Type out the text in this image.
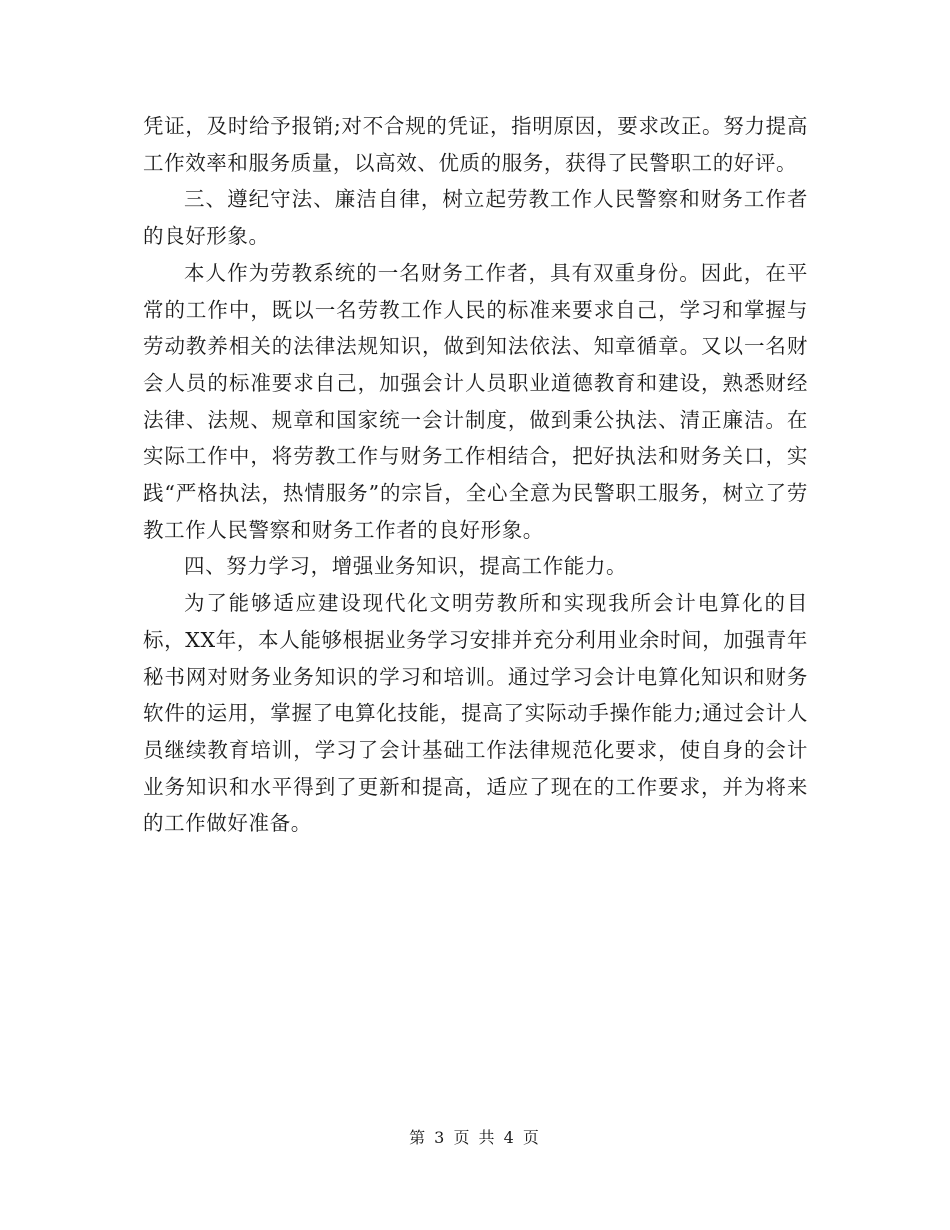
凭证，及时给予报销;对不合规的凭证，指明原因，要求改正。努力提高工作效率和服务质量，以高效、优质的服务，获得了民警职工的好评。

三、遵纪守法、廉洁自律，树立起劳教工作人民警察和财务工作者的良好形象。

本人作为劳教系统的一名财务工作者，具有双重身份。因此，在平常的工作中，既以一名劳教工作人民的标准来要求自己，学习和掌握与劳动教养相关的法律法规知识，做到知法依法、知章循章。又以一名财会人员的标准要求自己，加强会计人员职业道德教育和建设，熟悉财经法律、法规、规章和国家统一会计制度，做到秉公执法、清正廉洁。在实际工作中，将劳教工作与财务工作相结合，把好执法和财务关口，实践“严格执法，热情服务”的宗旨，全心全意为民警职工服务，树立了劳教工作人民警察和财务工作者的良好形象。

四、努力学习，增强业务知识，提高工作能力。

为了能够适应建设现代化文明劳教所和实现我所会计电算化的目标，XX年，本人能够根据业务学习安排并充分利用业余时间，加强青年秘书网对财务业务知识的学习和培训。通过学习会计电算化知识和财务软件的运用，掌握了电算化技能，提高了实际动手操作能力;通过会计人员继续教育培训，学习了会计基础工作法律规范化要求，使自身的会计业务知识和水平得到了更新和提高，适应了现在的工作要求，并为将来的工作做好准备。

第 3 页 共 4 页
